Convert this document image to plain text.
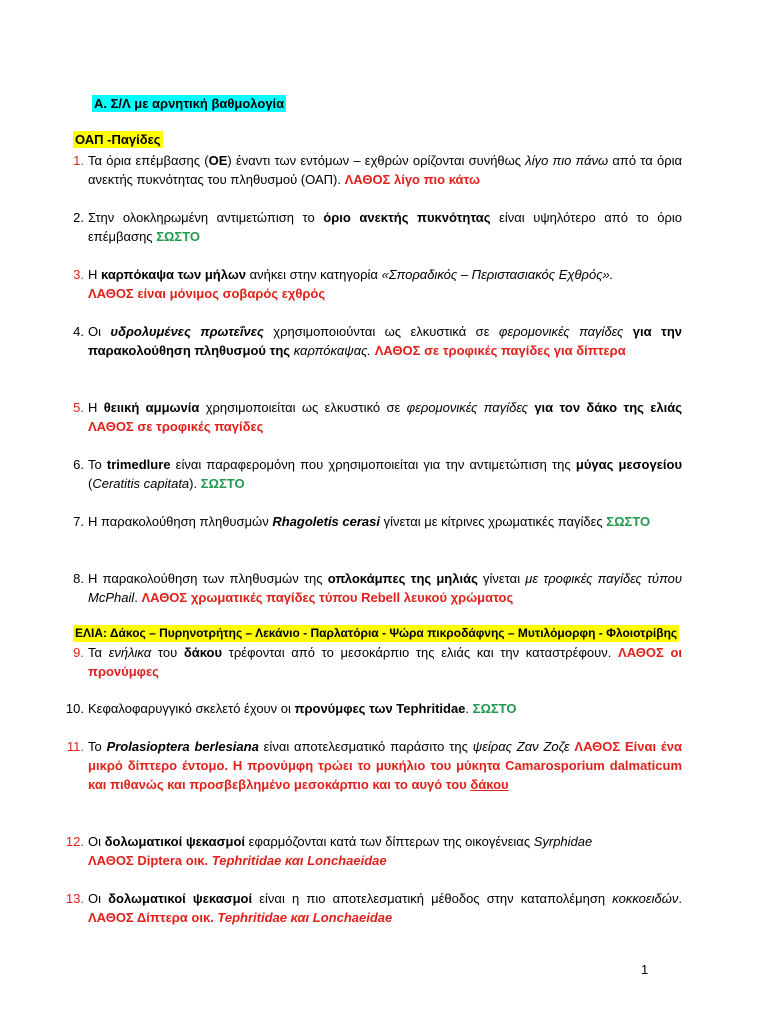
Α. Σ/Λ με αρνητική βαθμολογία
ΟΑΠ -Παγίδες
1. Τα όρια επέμβασης (ΟΕ) έναντι των εντόμων – εχθρών ορίζονται συνήθως λίγο πιο πάνω από τα όρια ανεκτής πυκνότητας του πληθυσμού (ΟΑΠ). ΛΑΘΟΣ λίγο πιο κάτω

2. Στην ολοκληρωμένη αντιμετώπιση το όριο ανεκτής πυκνότητας είναι υψηλότερο από το όριο επέμβασης ΣΩΣΤΟ

3. Η καρπόκαψα των μήλων ανήκει στην κατηγορία «Σποραδικός – Περιστασιακός Εχθρός».
ΛΑΘΟΣ είναι μόνιμος σοβαρός εχθρός

4. Οι υδρολυμένες πρωτεΐνες χρησιμοποιούνται ως ελκυστικά σε φερομονικές παγίδες για την παρακολούθηση πληθυσμού της καρπόκαψας. ΛΑΘΟΣ σε τροφικές παγίδες για δίπτερα

5. Η θειική αμμωνία χρησιμοποιείται ως ελκυστικό σε φερομονικές παγίδες για τον δάκο της ελιάς ΛΑΘΟΣ σε τροφικές παγίδες

6. Το trimedlure είναι παραφερομόνη που χρησιμοποιείται για την αντιμετώπιση της μύγας μεσογείου (Ceratitis capitata). ΣΩΣΤΟ

7. Η παρακολούθηση πληθυσμών Rhagoletis cerasi γίνεται με κίτρινες χρωματικές παγίδες ΣΩΣΤΟ

8. Η παρακολούθηση των πληθυσμών της οπλοκάμπες της μηλιάς γίνεται με τροφικές παγίδες τύπου McPhail. ΛΑΘΟΣ χρωματικές παγίδες τύπου Rebell λευκού χρώματος

ΕΛΙΑ: Δάκος – Πυρηνοτρήτης – Λεκάνιο - Παρλατόρια - Ψώρα πικροδάφνης – Μυτιλόμορφη - Φλοιοτρίβης
9. Τα ενήλικα του δάκου τρέφονται από το μεσοκάρπιο της ελιάς και την καταστρέφουν. ΛΑΘΟΣ οι προνύμφες

10. Κεφαλοφαρυγγικό σκελετό έχουν οι προνύμφες των Tephritidae. ΣΩΣΤΟ

11. Το Prolasioptera berlesiana είναι αποτελεσματικό παράσιτο της ψείρας Ζαν Ζοζε ΛΑΘΟΣ Είναι ένα μικρό δίπτερο έντομο. Η προνύμφη τρώει το μυκήλιο του μύκητα Camarosporium dalmaticum και πιθανώς και προσβεβλημένο μεσοκάρπιο και το αυγό του δάκου

12. Οι δολωματικοί ψεκασμοί εφαρμόζονται κατά των δίπτερων της οικογένειας Syrphidae
ΛΑΘΟΣ Diptera οικ. Tephritidae και Lonchaeidae

13. Οι δολωματικοί ψεκασμοί είναι η πιο αποτελεσματική μέθοδος στην καταπολέμηση κοκκοειδών. ΛΑΘΟΣ Δίπτερα οικ. Tephritidae και Lonchaeidae

1
